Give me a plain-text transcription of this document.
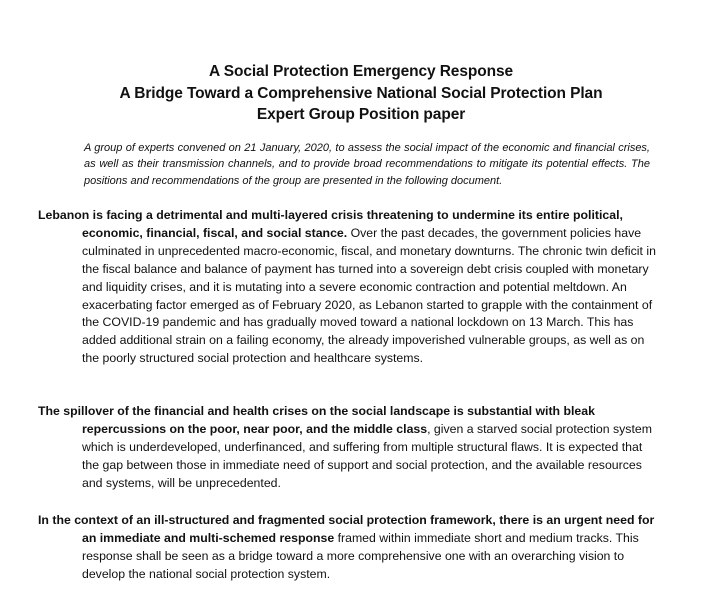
A Social Protection Emergency Response
A Bridge Toward a Comprehensive National Social Protection Plan
Expert Group Position paper
A group of experts convened on 21 January, 2020, to assess the social impact of the economic and financial crises, as well as their transmission channels, and to provide broad recommendations to mitigate its potential effects. The positions and recommendations of the group are presented in the following document.
Lebanon is facing a detrimental and multi-layered crisis threatening to undermine its entire political, economic, financial, fiscal, and social stance. Over the past decades, the government policies have culminated in unprecedented macro-economic, fiscal, and monetary downturns. The chronic twin deficit in the fiscal balance and balance of payment has turned into a sovereign debt crisis coupled with monetary and liquidity crises, and it is mutating into a severe economic contraction and potential meltdown. An exacerbating factor emerged as of February 2020, as Lebanon started to grapple with the containment of the COVID-19 pandemic and has gradually moved toward a national lockdown on 13 March. This has added additional strain on a failing economy, the already impoverished vulnerable groups, as well as on the poorly structured social protection and healthcare systems.
The spillover of the financial and health crises on the social landscape is substantial with bleak repercussions on the poor, near poor, and the middle class, given a starved social protection system which is underdeveloped, underfinanced, and suffering from multiple structural flaws. It is expected that the gap between those in immediate need of support and social protection, and the available resources and systems, will be unprecedented.
In the context of an ill-structured and fragmented social protection framework, there is an urgent need for an immediate and multi-schemed response framed within immediate short and medium tracks. This response shall be seen as a bridge toward a more comprehensive one with an overarching vision to develop the national social protection system.
